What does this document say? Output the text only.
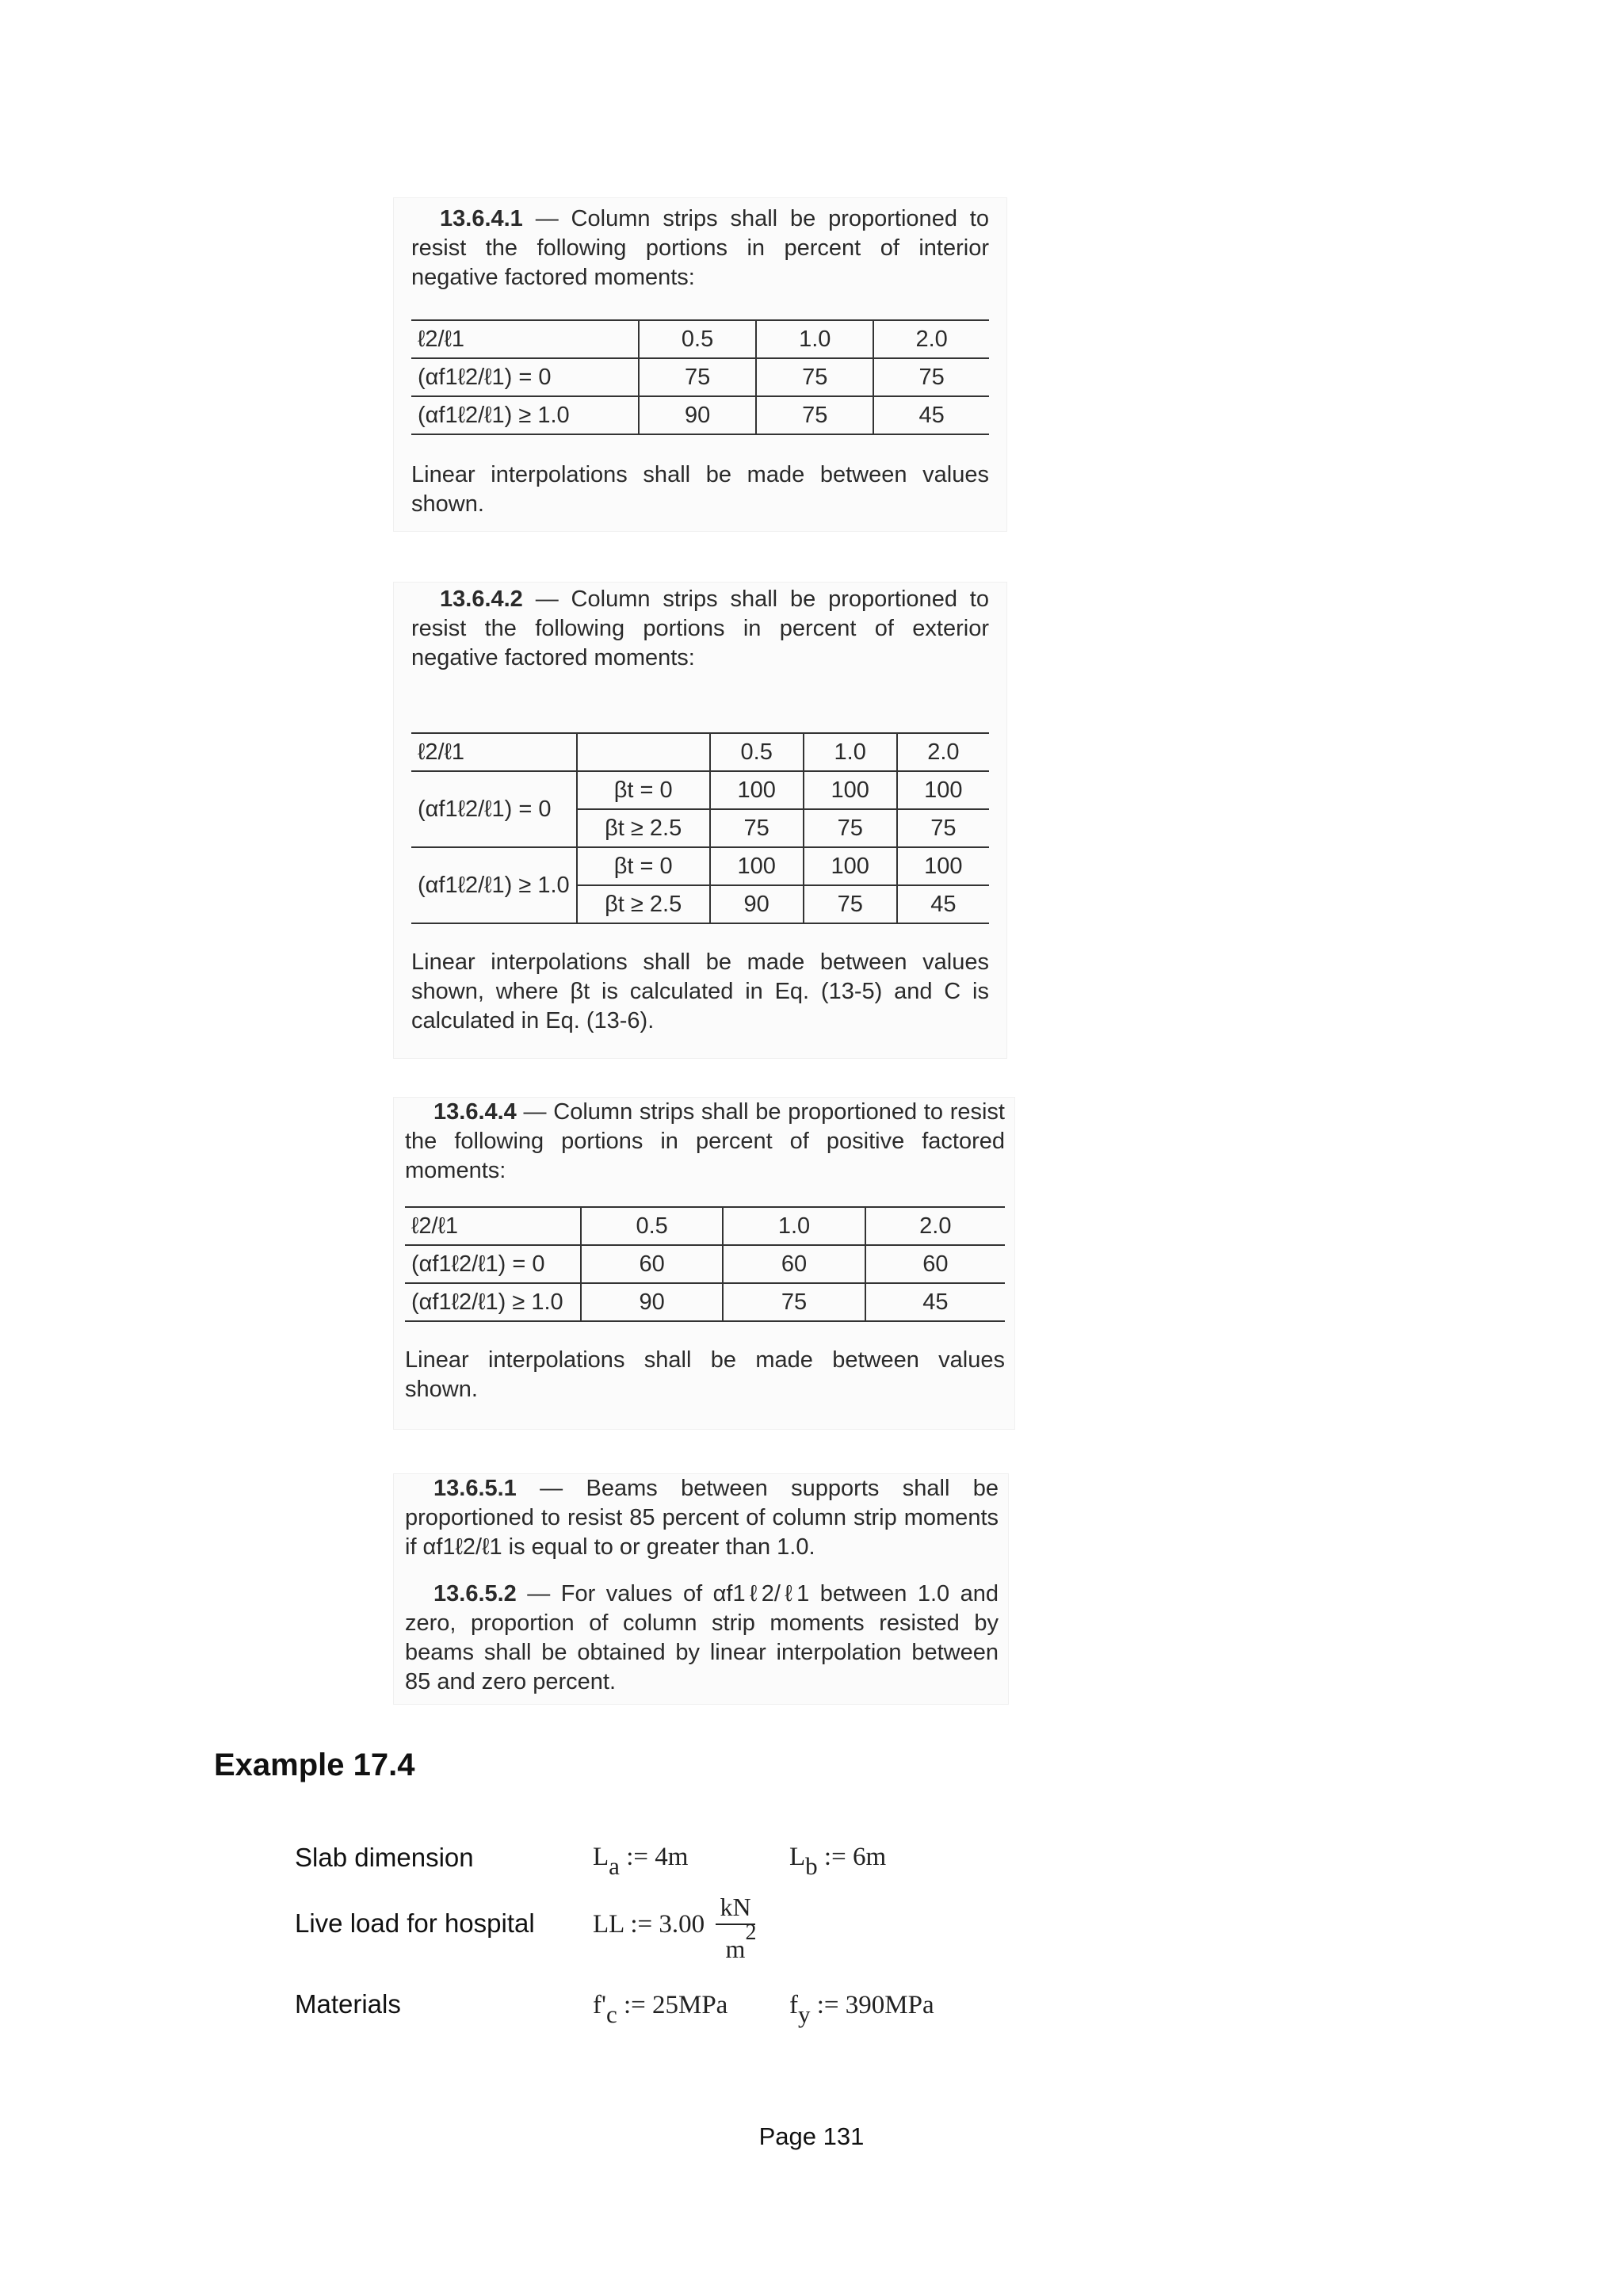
13.6.4.1 — Column strips shall be proportioned to resist the following portions in percent of interior negative factored moments:

ℓ2/ℓ1	0.5	1.0	2.0
(αf1ℓ2/ℓ1) = 0	75	75	75
(αf1ℓ2/ℓ1) ≥ 1.0	90	75	45

Linear interpolations shall be made between values shown.

13.6.4.2 — Column strips shall be proportioned to resist the following portions in percent of exterior negative factored moments:

ℓ2/ℓ1		0.5	1.0	2.0
(αf1ℓ2/ℓ1) = 0	βt = 0	100	100	100
	βt ≥ 2.5	75	75	75
(αf1ℓ2/ℓ1) ≥ 1.0	βt = 0	100	100	100
	βt ≥ 2.5	90	75	45

Linear interpolations shall be made between values shown, where βt is calculated in Eq. (13-5) and C is calculated in Eq. (13-6).

13.6.4.4 — Column strips shall be proportioned to resist the following portions in percent of positive factored moments:

ℓ2/ℓ1	0.5	1.0	2.0
(αf1ℓ2/ℓ1) = 0	60	60	60
(αf1ℓ2/ℓ1) ≥ 1.0	90	75	45

Linear interpolations shall be made between values shown.

13.6.5.1 — Beams between supports shall be proportioned to resist 85 percent of column strip moments if αf1ℓ2/ℓ1 is equal to or greater than 1.0.

13.6.5.2 — For values of αf1ℓ2/ℓ1 between 1.0 and zero, proportion of column strip moments resisted by beams shall be obtained by linear interpolation between 85 and zero percent.

Example 17.4
Slab dimension	La := 4m	Lb := 6m
Live load for hospital LL := 3.00 kN
m
2
Materials	f'c := 25MPa fy := 390MPa
Page 131
